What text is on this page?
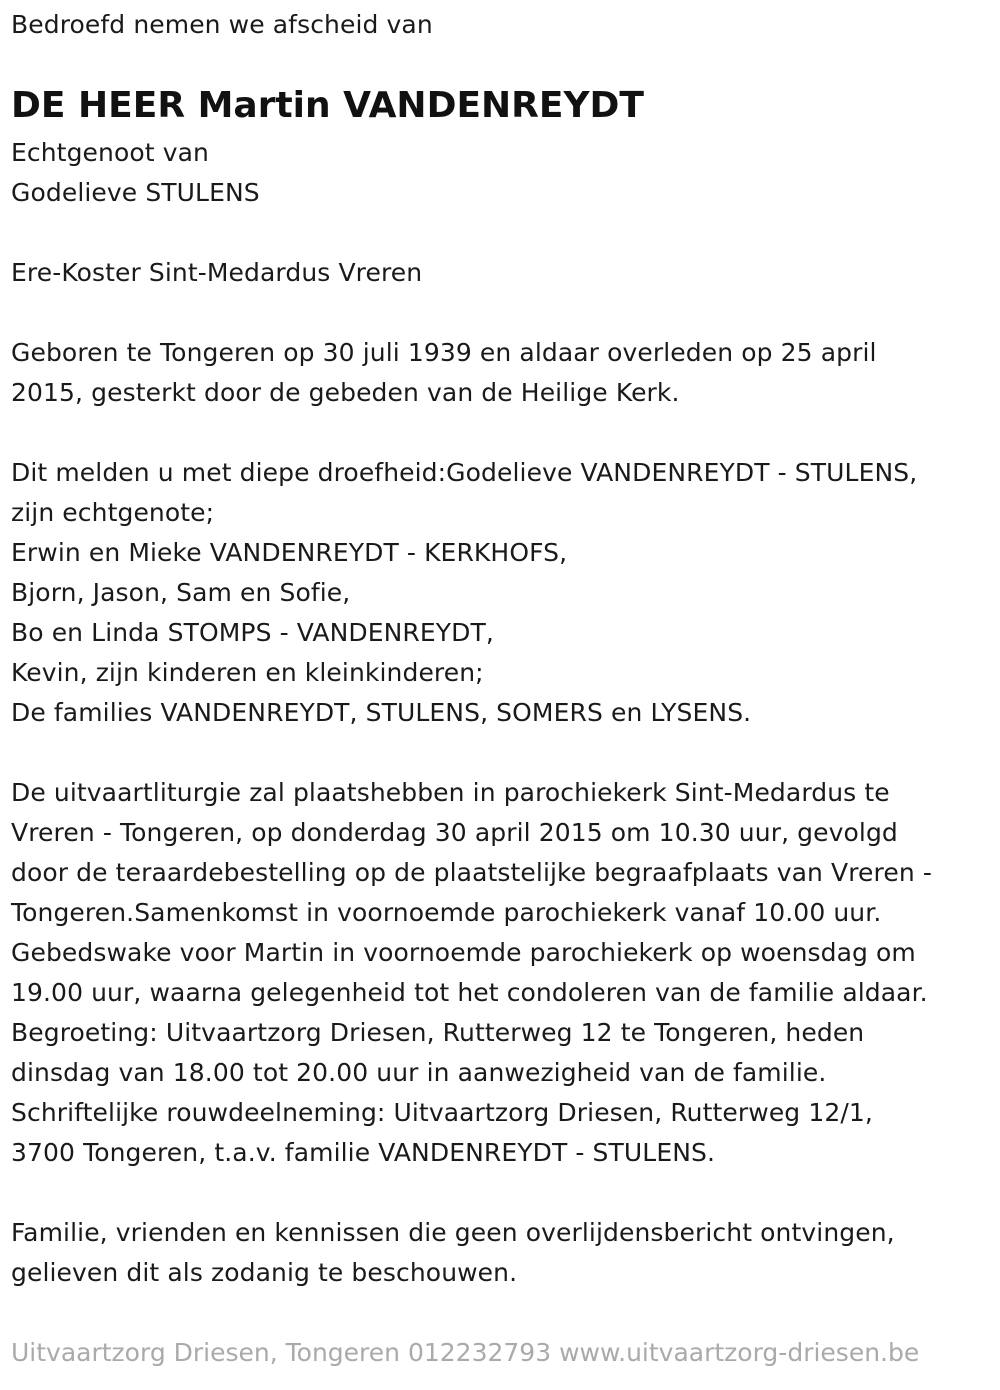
Bedroefd nemen we afscheid van
DE HEER Martin VANDENREYDT
Echtgenoot van
Godelieve STULENS
Ere-Koster Sint-Medardus Vreren
Geboren te Tongeren op 30 juli 1939 en aldaar overleden op 25 april
2015, gesterkt door de gebeden van de Heilige Kerk.
Dit melden u met diepe droefheid:Godelieve VANDENREYDT - STULENS,
zijn echtgenote;
Erwin en Mieke VANDENREYDT - KERKHOFS,
Bjorn, Jason, Sam en Sofie,
Bo en Linda STOMPS - VANDENREYDT,
Kevin, zijn kinderen en kleinkinderen;
De families VANDENREYDT, STULENS, SOMERS en LYSENS.
De uitvaartliturgie zal plaatshebben in parochiekerk Sint-Medardus te
Vreren - Tongeren, op donderdag 30 april 2015 om 10.30 uur, gevolgd
door de teraardebestelling op de plaatstelijke begraafplaats van Vreren -
Tongeren.Samenkomst in voornoemde parochiekerk vanaf 10.00 uur.
Gebedswake voor Martin in voornoemde parochiekerk op woensdag om
19.00 uur, waarna gelegenheid tot het condoleren van de familie aldaar.
Begroeting: Uitvaartzorg Driesen, Rutterweg 12 te Tongeren, heden
dinsdag van 18.00 tot 20.00 uur in aanwezigheid van de familie.
Schriftelijke rouwdeelneming: Uitvaartzorg Driesen, Rutterweg 12/1,
3700 Tongeren, t.a.v. familie VANDENREYDT - STULENS.
Familie, vrienden en kennissen die geen overlijdensbericht ontvingen,
gelieven dit als zodanig te beschouwen.
Uitvaartzorg Driesen, Tongeren 012232793 www.uitvaartzorg-driesen.be
